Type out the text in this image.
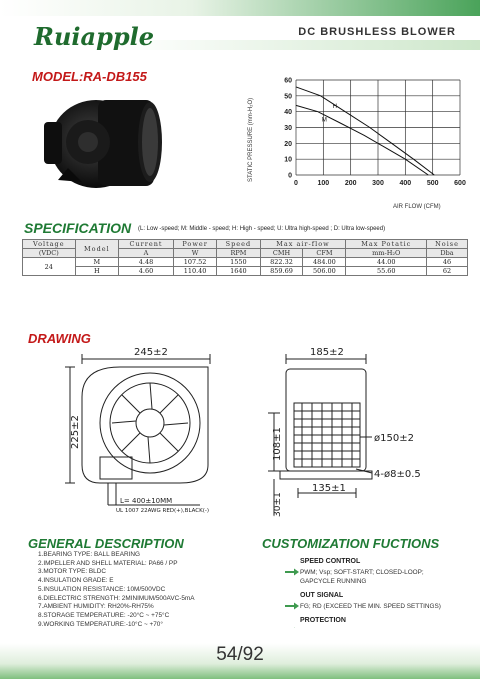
Ruiapple	DC BRUSHLESS BLOWER
MODEL:RA-DB155
0	100 200 300 400 500 600
0
10
20
30
40
50
60
M
H
STATIC PRESSURE (mm-H₂O)
AIR FLOW (CFM)
SPECIFICATION (L: Low -speed; M: Middle - speed; H: High - speed; U: Ultra high-speed ; D: Ultra low-speed)
Voltage	Model	Current	Power	Speed	Max air-flow		Max Potatic	Noise
(VDC)		A	W	RPM	CMH	CFM	mm-H₂O	Dba
24	M	4.48	107.52	1550	822.32	484.00	44.00	46
	H	4.60	110.40	1640	859.69	506.00	55.60	62
DRAWING
245±2
225±2
L= 400±10MM
UL 1007 22AWG RED(+),BLACK(-)
185±2
108±1	ø150±2
4-ø8±0.5
135±1
30±1
GENERAL DESCRIPTION
1.BEARING TYPE: BALL BEARING
2.IMPELLER AND SHELL MATERIAL: PA66 / PP
3.MOTOR TYPE: BLDC
4.INSULATION GRADE: E
5.INSULATION RESISTANCE: 10M/500VDC
6.DIELECTRIC STRENGTH: 2MINIMUM/500AVC-5mA
7.AMBIENT HUMIDITY: RH20%-RH75%
8.STORAGE TEMPERATURE: -20°C ~ +75°C
9.WORKING TEMPERATURE:-10°C ~ +70°
CUSTOMIZATION FUCTIONS
SPEED CONTROL
PWM; Vsp; SOFT-START; CLOSED-LOOP;
GAPCYCLE RUNNING
OUT SIGNAL
FG; RD (EXCEED THE MIN. SPEED SETTINGS)
PROTECTION
54/92
